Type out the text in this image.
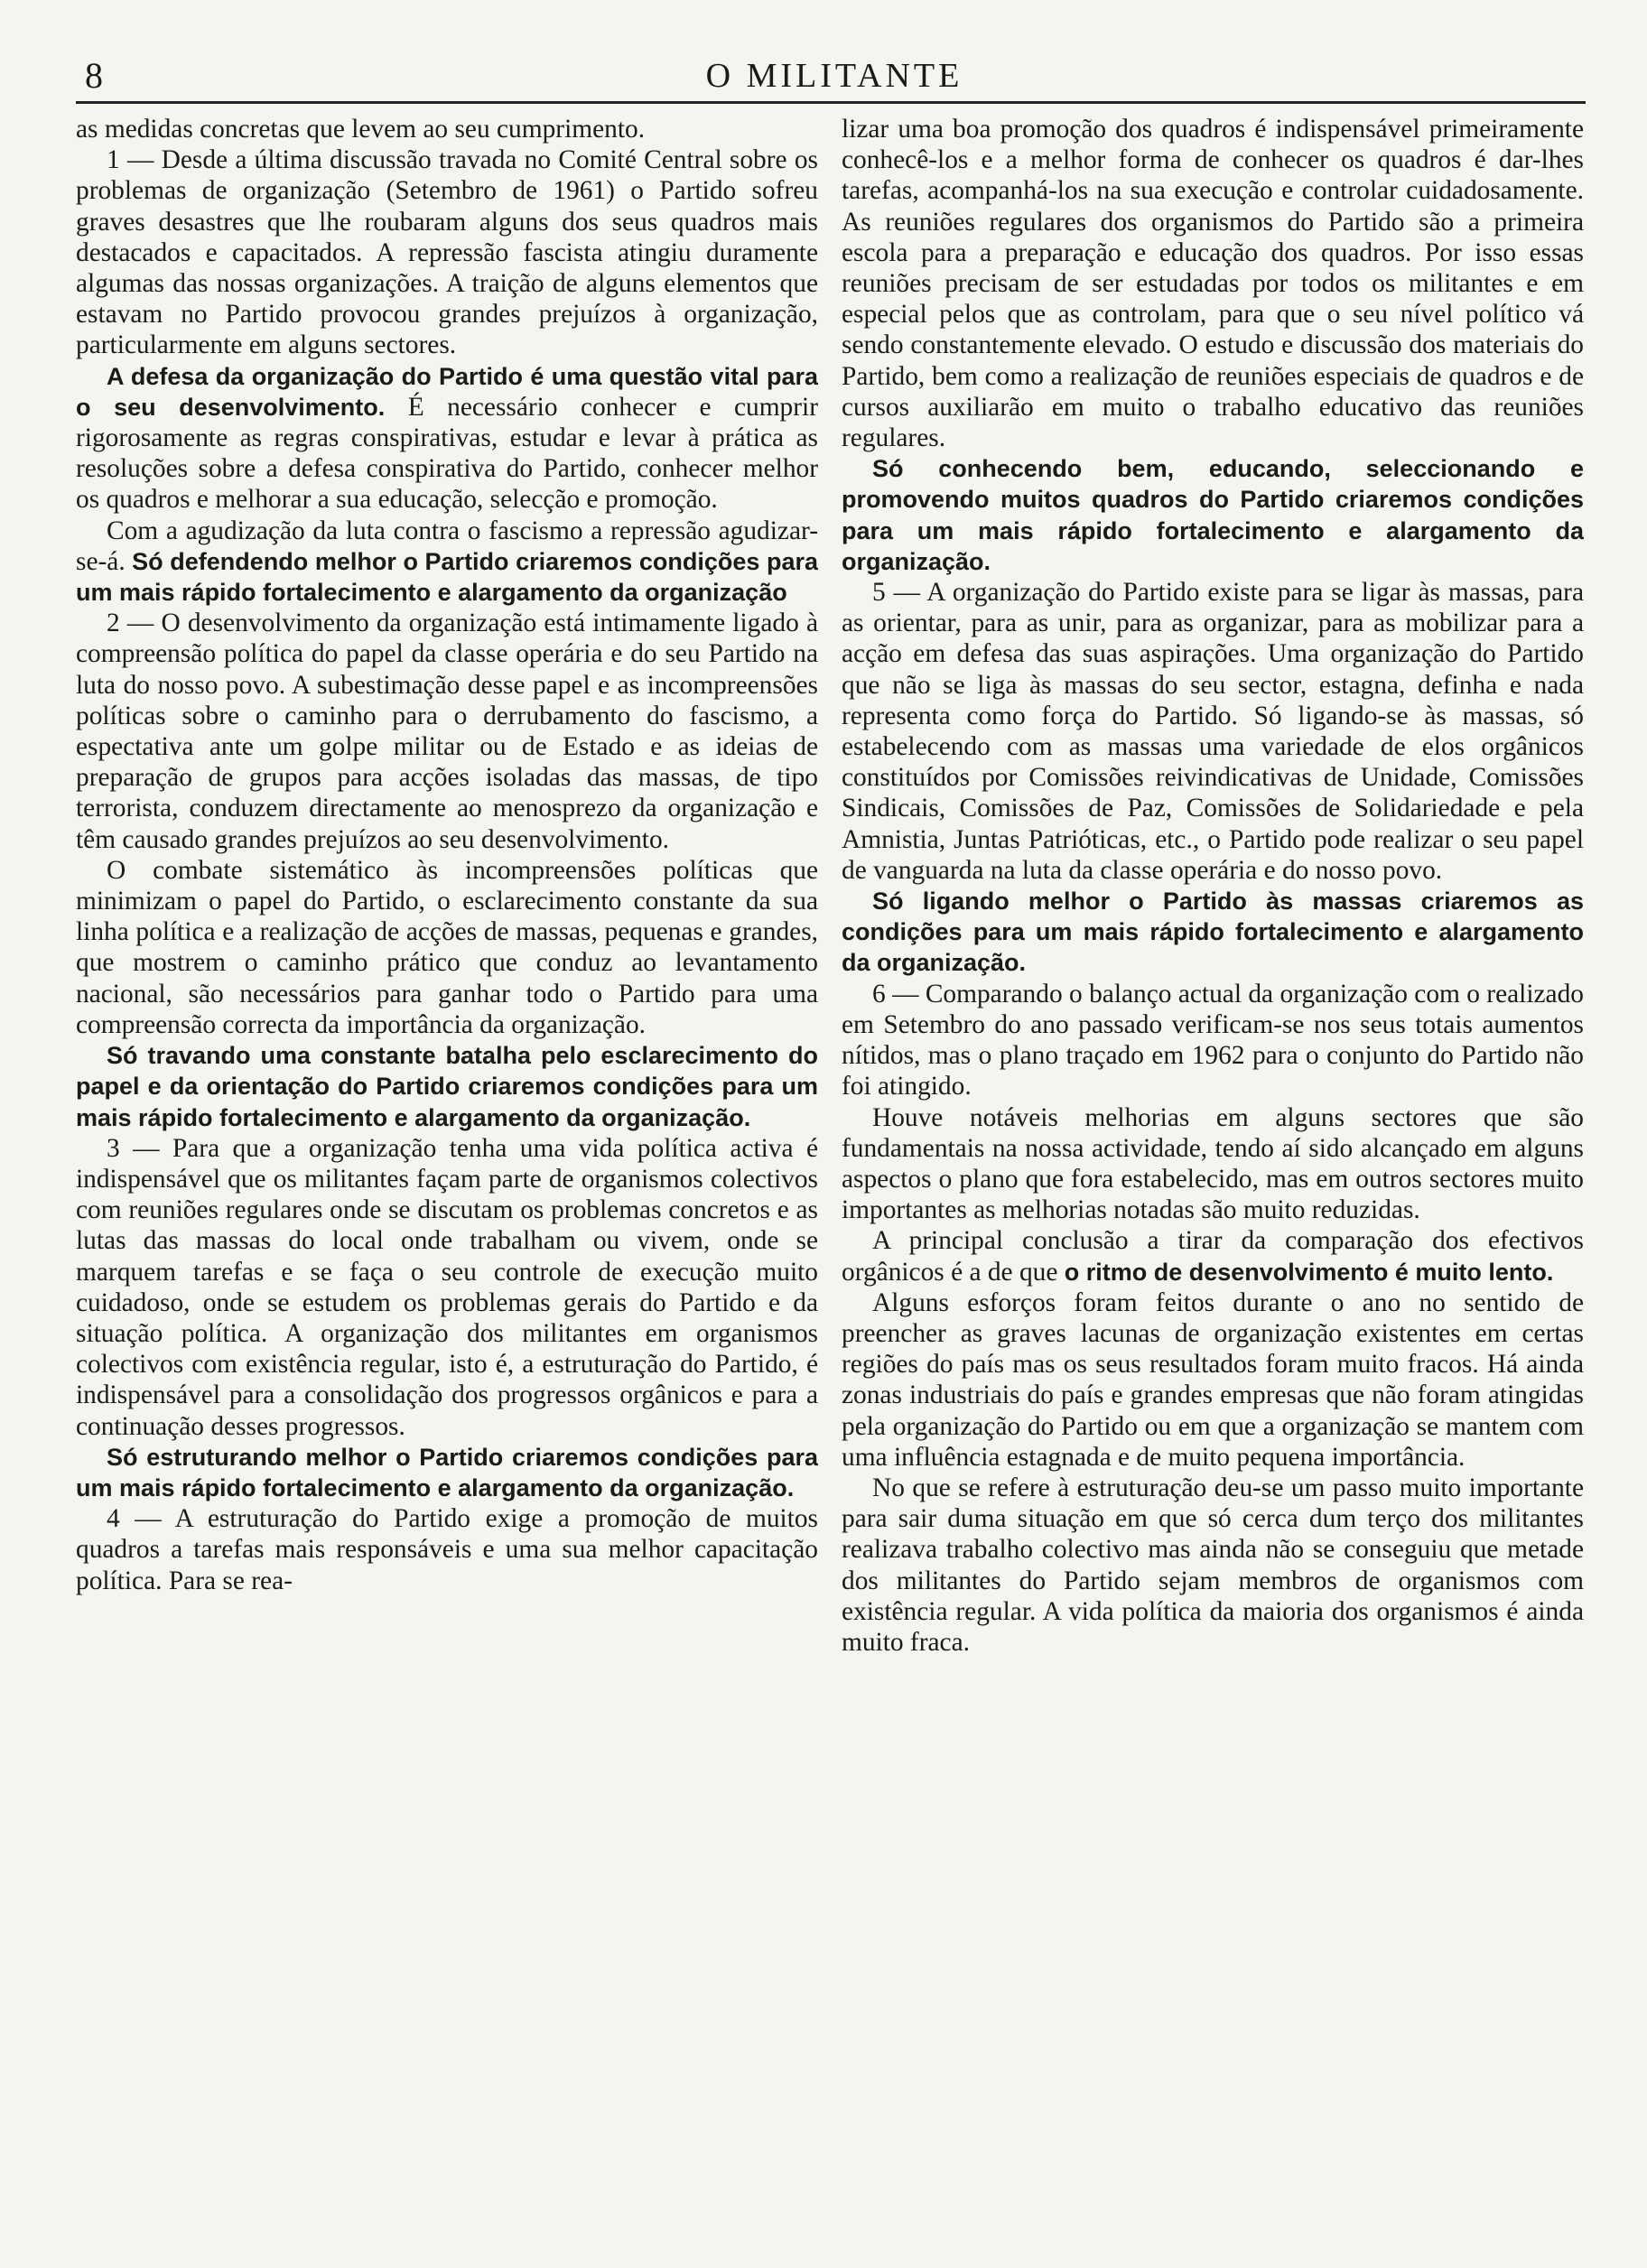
8	O MILITANTE

as medidas concretas que levem ao seu cumprimento.

1 — Desde a última discussão travada no Comité Central sobre os problemas de organização (Setembro de 1961) o Partido sofreu graves desastres que lhe roubaram alguns dos seus quadros mais destacados e capacitados. A repressão fascista atingiu duramente algumas das nossas organizações. A traição de alguns elementos que estavam no Partido provocou grandes prejuízos à organização, particularmente em alguns sectores.

A defesa da organização do Partido é uma questão vital para o seu desenvolvimento. É necessário conhecer e cumprir rigorosamente as regras conspirativas, estudar e levar à prática as resoluções sobre a defesa conspirativa do Partido, conhecer melhor os quadros e melhorar a sua educação, selecção e promoção.

Com a agudização da luta contra o fascismo a repressão agudizar-se-á. Só defendendo melhor o Partido criaremos condições para um mais rápido fortalecimento e alargamento da organização

2 — O desenvolvimento da organização está intimamente ligado à compreensão política do papel da classe operária e do seu Partido na luta do nosso povo. A subestimação desse papel e as incompreensões políticas sobre o caminho para o derrubamento do fascismo, a espectativa ante um golpe militar ou de Estado e as ideias de preparação de grupos para acções isoladas das massas, de tipo terrorista, conduzem directamente ao menosprezo da organização e têm causado grandes prejuízos ao seu desenvolvimento.

O combate sistemático às incompreensões políticas que minimizam o papel do Partido, o esclarecimento constante da sua linha política e a realização de acções de massas, pequenas e grandes, que mostrem o caminho prático que conduz ao levantamento nacional, são necessários para ganhar todo o Partido para uma compreensão correcta da importância da organização.

Só travando uma constante batalha pelo esclarecimento do papel e da orientação do Partido criaremos condições para um mais rápido fortalecimento e alargamento da organização.

3 — Para que a organização tenha uma vida política activa é indispensável que os militantes façam parte de organismos colectivos com reuniões regulares onde se discutam os problemas concretos e as lutas das massas do local onde trabalham ou vivem, onde se marquem tarefas e se faça o seu controle de execução muito cuidadoso, onde se estudem os problemas gerais do Partido e da situação política. A organização dos militantes em organismos colectivos com existência regular, isto é, a estruturação do Partido, é indispensável para a consolidação dos progressos orgânicos e para a continuação desses progressos.

Só estruturando melhor o Partido criaremos condições para um mais rápido fortalecimento e alargamento da organização.

4 — A estruturação do Partido exige a promoção de muitos quadros a tarefas mais responsáveis e uma sua melhor capacitação política. Para se rea-

lizar uma boa promoção dos quadros é indispensável primeiramente conhecê-los e a melhor forma de conhecer os quadros é dar-lhes tarefas, acompanhá-los na sua execução e controlar cuidadosamente. As reuniões regulares dos organismos do Partido são a primeira escola para a preparação e educação dos quadros. Por isso essas reuniões precisam de ser estudadas por todos os militantes e em especial pelos que as controlam, para que o seu nível político vá sendo constantemente elevado. O estudo e discussão dos materiais do Partido, bem como a realização de reuniões especiais de quadros e de cursos auxiliarão em muito o trabalho educativo das reuniões regulares.

Só conhecendo bem, educando, seleccionando e promovendo muitos quadros do Partido criaremos condições para um mais rápido fortalecimento e alargamento da organização.

5 — A organização do Partido existe para se ligar às massas, para as orientar, para as unir, para as organizar, para as mobilizar para a acção em defesa das suas aspirações. Uma organização do Partido que não se liga às massas do seu sector, estagna, definha e nada representa como força do Partido. Só ligando-se às massas, só estabelecendo com as massas uma variedade de elos orgânicos constituídos por Comissões reivindicativas de Unidade, Comissões Sindicais, Comissões de Paz, Comissões de Solidariedade e pela Amnistia, Juntas Patrióticas, etc., o Partido pode realizar o seu papel de vanguarda na luta da classe operária e do nosso povo.

Só ligando melhor o Partido às massas criaremos as condições para um mais rápido fortalecimento e alargamento da organização.

6 — Comparando o balanço actual da organização com o realizado em Setembro do ano passado verificam-se nos seus totais aumentos nítidos, mas o plano traçado em 1962 para o conjunto do Partido não foi atingido.

Houve notáveis melhorias em alguns sectores que são fundamentais na nossa actividade, tendo aí sido alcançado em alguns aspectos o plano que fora estabelecido, mas em outros sectores muito importantes as melhorias notadas são muito reduzidas.

A principal conclusão a tirar da comparação dos efectivos orgânicos é a de que o ritmo de desenvolvimento é muito lento.

Alguns esforços foram feitos durante o ano no sentido de preencher as graves lacunas de organização existentes em certas regiões do país mas os seus resultados foram muito fracos. Há ainda zonas industriais do país e grandes empresas que não foram atingidas pela organização do Partido ou em que a organização se mantem com uma influência estagnada e de muito pequena importância.

No que se refere à estruturação deu-se um passo muito importante para sair duma situação em que só cerca dum terço dos militantes realizava trabalho colectivo mas ainda não se conseguiu que metade dos militantes do Partido sejam membros de organismos com existência regular. A vida política da maioria dos organismos é ainda muito fraca.
